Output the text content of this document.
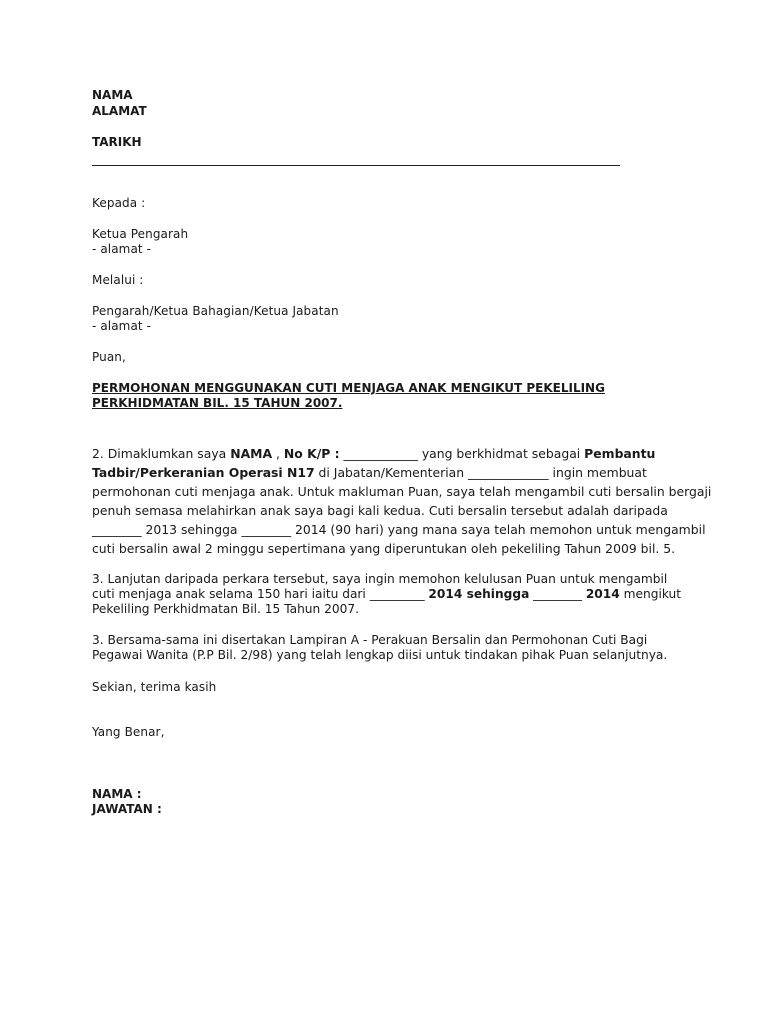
NAMA
ALAMAT
TARIKH
Kepada :
Ketua Pengarah
- alamat -
Melalui :
Pengarah/Ketua Bahagian/Ketua Jabatan
- alamat -
Puan,
PERMOHONAN MENGGUNAKAN CUTI MENJAGA ANAK MENGIKUT PEKELILING PERKHIDMATAN BIL. 15 TAHUN 2007.
2. Dimaklumkan saya NAMA , No K/P : ____________ yang berkhidmat sebagai Pembantu
Tadbir/Perkeranian Operasi N17 di Jabatan/Kementerian _____________ ingin membuat
permohonan cuti menjaga anak. Untuk makluman Puan, saya telah mengambil cuti bersalin bergaji
penuh semasa melahirkan anak saya bagi kali kedua. Cuti bersalin tersebut adalah daripada
________ 2013 sehingga ________ 2014 (90 hari) yang mana saya telah memohon untuk mengambil
cuti bersalin awal 2 minggu sepertimana yang diperuntukan oleh pekeliling Tahun 2009 bil. 5.
3. Lanjutan daripada perkara tersebut, saya ingin memohon kelulusan Puan untuk mengambil
cuti menjaga anak selama 150 hari iaitu dari _________ 2014 sehingga ________ 2014 mengikut
Pekeliling Perkhidmatan Bil. 15 Tahun 2007.
3. Bersama-sama ini disertakan Lampiran A - Perakuan Bersalin dan Permohonan Cuti Bagi
Pegawai Wanita (P.P Bil. 2/98) yang telah lengkap diisi untuk tindakan pihak Puan selanjutnya.
Sekian, terima kasih
Yang Benar,
NAMA :
JAWATAN :
